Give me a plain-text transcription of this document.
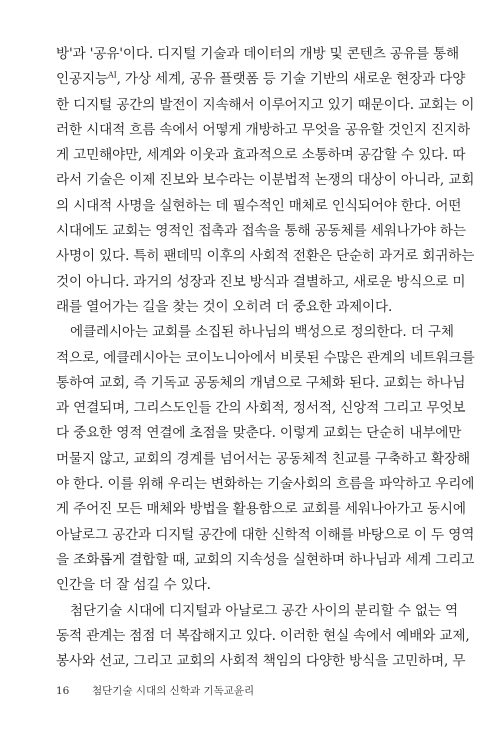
방'과 '공유'이다. 디지털 기술과 데이터의 개방 및 콘텐츠 공유를 통해
인공지능$^{AI}$, 가상 세계, 공유 플랫폼 등 기술 기반의 새로운 현장과 다양
한 디지털 공간의 발전이 지속해서 이루어지고 있기 때문이다. 교회는 이
러한 시대적 흐름 속에서 어떻게 개방하고 무엇을 공유할 것인지 진지하
게 고민해야만, 세계와 이웃과 효과적으로 소통하며 공감할 수 있다. 따
라서 기술은 이제 진보와 보수라는 이분법적 논쟁의 대상이 아니라, 교회
의 시대적 사명을 실현하는 데 필수적인 매체로 인식되어야 한다. 어떤
시대에도 교회는 영적인 접촉과 접속을 통해 공동체를 세워나가야 하는
사명이 있다. 특히 팬데믹 이후의 사회적 전환은 단순히 과거로 회귀하는
것이 아니다. 과거의 성장과 진보 방식과 결별하고, 새로운 방식으로 미
래를 열어가는 길을 찾는 것이 오히려 더 중요한 과제이다.
에클레시아는 교회를 소집된 하나님의 백성으로 정의한다. 더 구체
적으로, 에클레시아는 코이노니아에서 비롯된 수많은 관계의 네트워크를
통하여 교회, 즉 기독교 공동체의 개념으로 구체화 된다. 교회는 하나님
과 연결되며, 그리스도인들 간의 사회적, 정서적, 신앙적 그리고 무엇보
다 중요한 영적 연결에 초점을 맞춘다. 이렇게 교회는 단순히 내부에만
머물지 않고, 교회의 경계를 넘어서는 공동체적 친교를 구축하고 확장해
야 한다. 이를 위해 우리는 변화하는 기술사회의 흐름을 파악하고 우리에
게 주어진 모든 매체와 방법을 활용함으로 교회를 세워나아가고 동시에
아날로그 공간과 디지털 공간에 대한 신학적 이해를 바탕으로 이 두 영역
을 조화롭게 결합할 때, 교회의 지속성을 실현하며 하나님과 세계 그리고
인간을 더 잘 섬길 수 있다.
첨단기술 시대에 디지털과 아날로그 공간 사이의 분리할 수 없는 역
동적 관계는 점점 더 복잡해지고 있다. 이러한 현실 속에서 예배와 교제,
봉사와 선교, 그리고 교회의 사회적 책임의 다양한 방식을 고민하며, 무
16 첨단기술 시대의 신학과 기독교윤리
